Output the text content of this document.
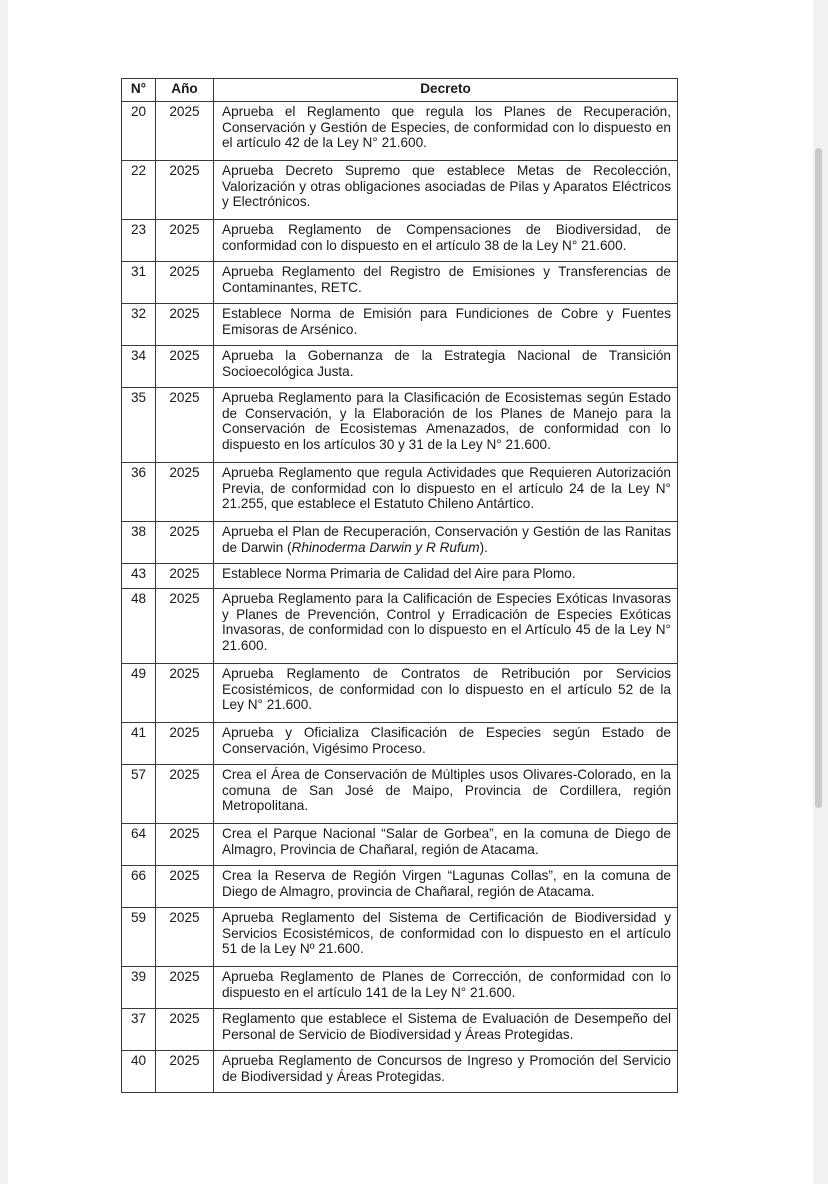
N°	Año	Decreto
20	2025	Aprueba el Reglamento que regula los Planes de Recuperación, Conservación y Gestión de Especies, de conformidad con lo dispuesto en el artículo 42 de la Ley N° 21.600.
22	2025	Aprueba Decreto Supremo que establece Metas de Recolección, Valorización y otras obligaciones asociadas de Pilas y Aparatos Eléctricos y Electrónicos.
23	2025	Aprueba Reglamento de Compensaciones de Biodiversidad, de conformidad con lo dispuesto en el artículo 38 de la Ley N° 21.600.
31	2025	Aprueba Reglamento del Registro de Emisiones y Transferencias de Contaminantes, RETC.
32	2025	Establece Norma de Emisión para Fundiciones de Cobre y Fuentes Emisoras de Arsénico.
34	2025	Aprueba la Gobernanza de la Estrategia Nacional de Transición Socioecológica Justa.
35	2025	Aprueba Reglamento para la Clasificación de Ecosistemas según Estado de Conservación, y la Elaboración de los Planes de Manejo para la Conservación de Ecosistemas Amenazados, de conformidad con lo dispuesto en los artículos 30 y 31 de la Ley N° 21.600.
36	2025	Aprueba Reglamento que regula Actividades que Requieren Autorización Previa, de conformidad con lo dispuesto en el artículo 24 de la Ley N° 21.255, que establece el Estatuto Chileno Antártico.
38	2025	Aprueba el Plan de Recuperación, Conservación y Gestión de las Ranitas de Darwin (Rhinoderma Darwin y R Rufum).
43	2025	Establece Norma Primaria de Calidad del Aire para Plomo.
48	2025	Aprueba Reglamento para la Calificación de Especies Exóticas Invasoras y Planes de Prevención, Control y Erradicación de Especies Exóticas Invasoras, de conformidad con lo dispuesto en el Artículo 45 de la Ley N° 21.600.
49	2025	Aprueba Reglamento de Contratos de Retribución por Servicios Ecosistémicos, de conformidad con lo dispuesto en el artículo 52 de la Ley N° 21.600.
41	2025	Aprueba y Oficializa Clasificación de Especies según Estado de Conservación, Vigésimo Proceso.
57	2025	Crea el Área de Conservación de Múltiples usos Olivares-Colorado, en la comuna de San José de Maipo, Provincia de Cordillera, región Metropolitana.
64	2025	Crea el Parque Nacional “Salar de Gorbea”, en la comuna de Diego de Almagro, Provincia de Chañaral, región de Atacama.
66	2025	Crea la Reserva de Región Virgen “Lagunas Collas”, en la comuna de Diego de Almagro, provincia de Chañaral, región de Atacama.
59	2025	Aprueba Reglamento del Sistema de Certificación de Biodiversidad y Servicios Ecosistémicos, de conformidad con lo dispuesto en el artículo 51 de la Ley Nº 21.600.
39	2025	Aprueba Reglamento de Planes de Corrección, de conformidad con lo dispuesto en el artículo 141 de la Ley N° 21.600.
37	2025	Reglamento que establece el Sistema de Evaluación de Desempeño del Personal de Servicio de Biodiversidad y Áreas Protegidas.
40	2025	Aprueba Reglamento de Concursos de Ingreso y Promoción del Servicio de Biodiversidad y Áreas Protegidas.
